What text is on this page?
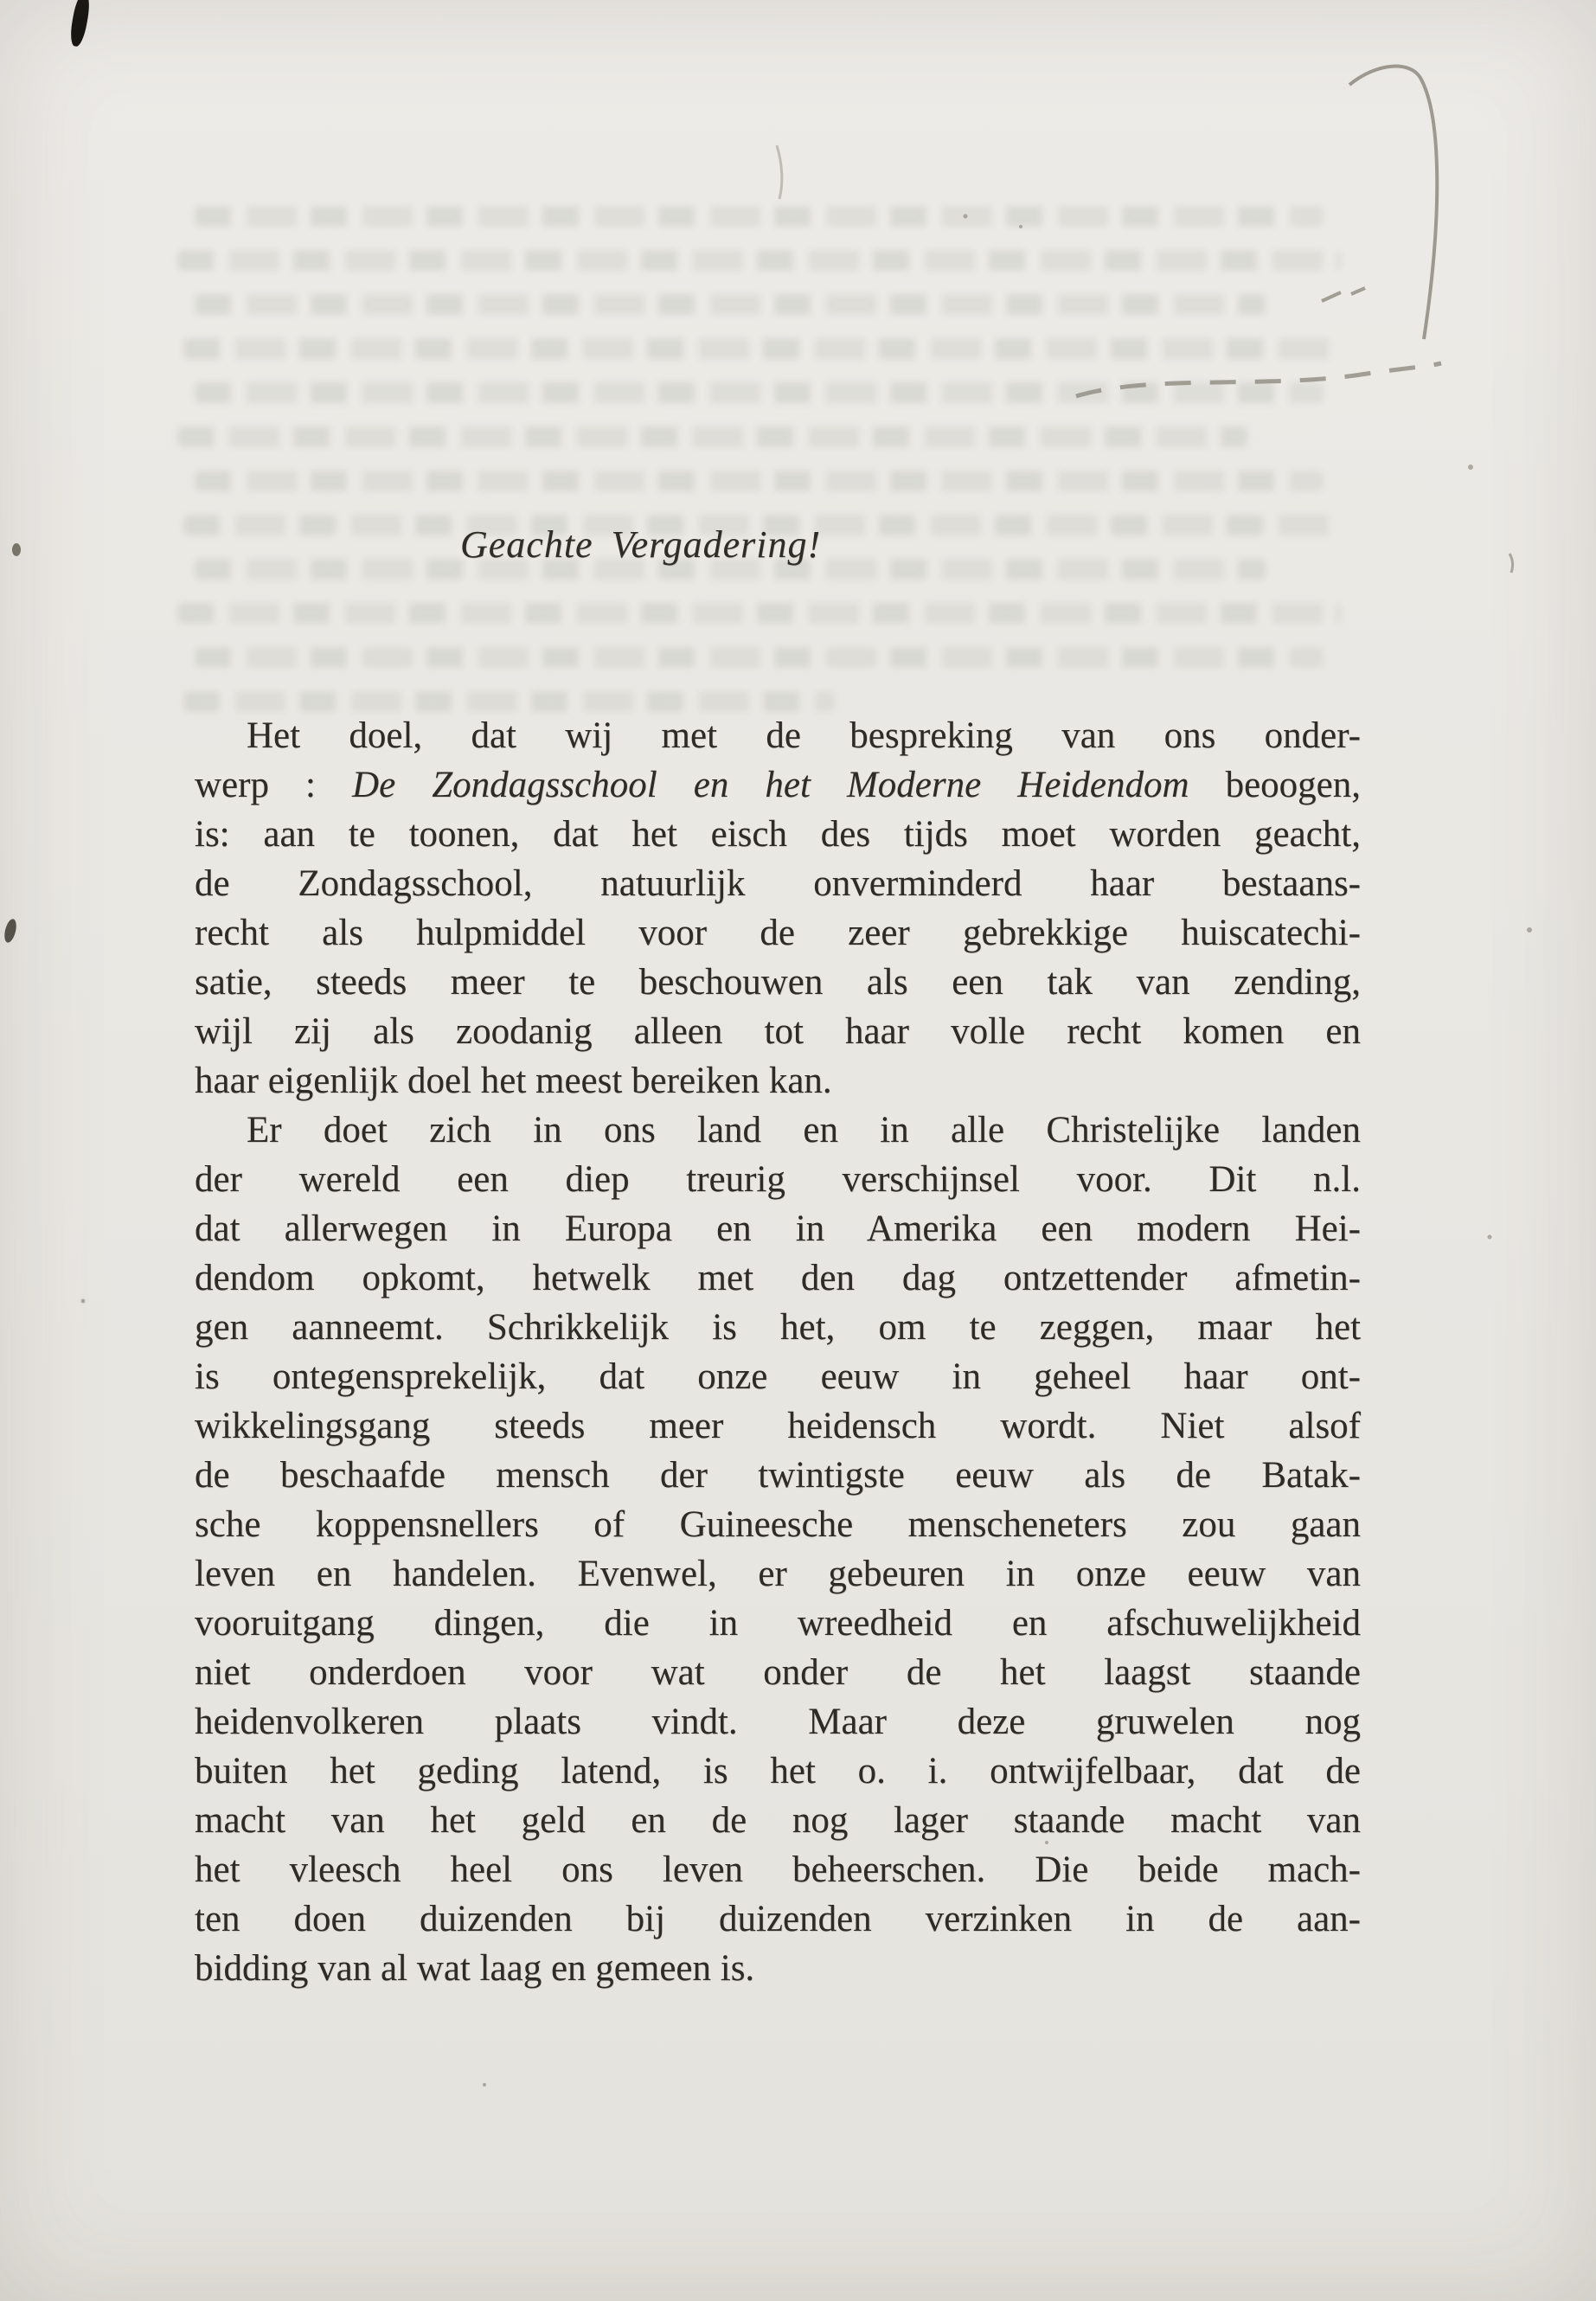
Geachte Vergadering!

Het doel, dat wij met de bespreking van ons onder-
werp : De Zondagsschool en het Moderne Heidendom beoogen,
is: aan te toonen, dat het eisch des tijds moet worden geacht,
de Zondagsschool, natuurlijk onverminderd haar bestaans-
recht als hulpmiddel voor de zeer gebrekkige huiscatechi-
satie, steeds meer te beschouwen als een tak van zending,
wijl zij als zoodanig alleen tot haar volle recht komen en
haar eigenlijk doel het meest bereiken kan.

Er doet zich in ons land en in alle Christelijke landen
der wereld een diep treurig verschijnsel voor. Dit n.l.
dat allerwegen in Europa en in Amerika een modern Hei-
dendom opkomt, hetwelk met den dag ontzettender afmetin-
gen aanneemt. Schrikkelijk is het, om te zeggen, maar het
is ontegensprekelijk, dat onze eeuw in geheel haar ont-
wikkelingsgang steeds meer heidensch wordt. Niet alsof
de beschaafde mensch der twintigste eeuw als de Batak-
sche koppensnellers of Guineesche menscheneters zou gaan
leven en handelen. Evenwel, er gebeuren in onze eeuw van
vooruitgang dingen, die in wreedheid en afschuwelijkheid
niet onderdoen voor wat onder de het laagst staande
heidenvolkeren plaats vindt. Maar deze gruwelen nog
buiten het geding latend, is het o. i. ontwijfelbaar, dat de
macht van het geld en de nog lager staande macht van
het vleesch heel ons leven beheerschen. Die beide mach-
ten doen duizenden bij duizenden verzinken in de aan-
bidding van al wat laag en gemeen is.
